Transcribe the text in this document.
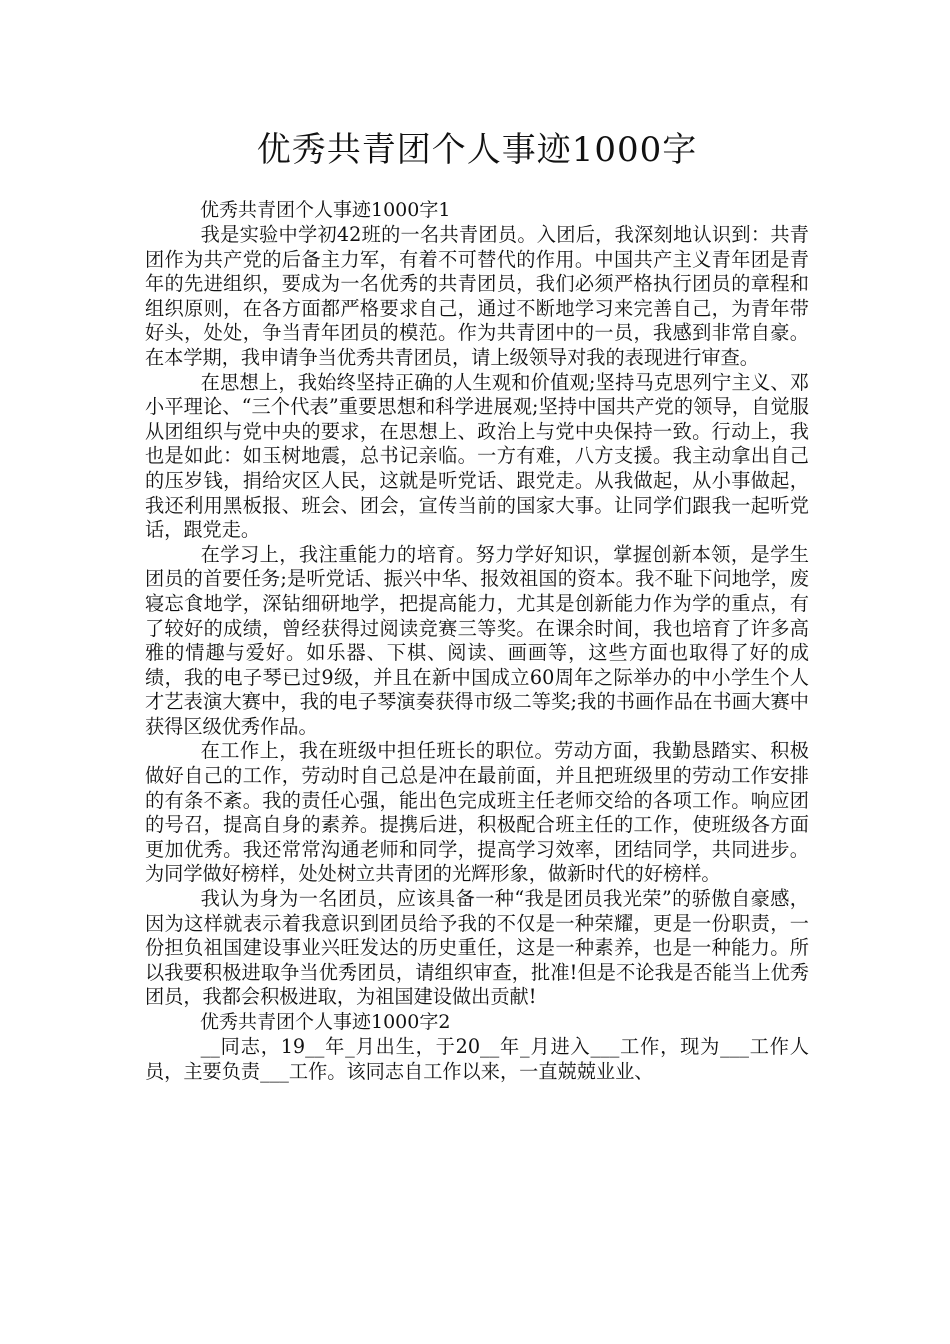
优秀共青团个人事迹1000字

优秀共青团个人事迹1000字1

我是实验中学初42班的一名共青团员。入团后，我深刻地认识到：共青团作为共产党的后备主力军，有着不可替代的作用。中国共产主义青年团是青年的先进组织，要成为一名优秀的共青团员，我们必须严格执行团员的章程和组织原则，在各方面都严格要求自己，通过不断地学习来完善自己，为青年带好头，处处，争当青年团员的模范。作为共青团中的一员，我感到非常自豪。在本学期，我申请争当优秀共青团员，请上级领导对我的表现进行审查。

在思想上，我始终坚持正确的人生观和价值观;坚持马克思列宁主义、邓小平理论、“三个代表”重要思想和科学进展观;坚持中国共产党的领导，自觉服从团组织与党中央的要求，在思想上、政治上与党中央保持一致。行动上，我也是如此：如玉树地震，总书记亲临。一方有难，八方支援。我主动拿出自己的压岁钱，捐给灾区人民，这就是听党话、跟党走。从我做起，从小事做起，我还利用黑板报、班会、团会，宣传当前的国家大事。让同学们跟我一起听党话，跟党走。

在学习上，我注重能力的培育。努力学好知识，掌握创新本领，是学生团员的首要任务;是听党话、振兴中华、报效祖国的资本。我不耻下问地学，废寝忘食地学，深钻细研地学，把提高能力，尤其是创新能力作为学的重点，有了较好的成绩，曾经获得过阅读竞赛三等奖。在课余时间，我也培育了许多高雅的情趣与爱好。如乐器、下棋、阅读、画画等，这些方面也取得了好的成绩，我的电子琴已过9级，并且在新中国成立60周年之际举办的中小学生个人才艺表演大赛中，我的电子琴演奏获得市级二等奖;我的书画作品在书画大赛中获得区级优秀作品。

在工作上，我在班级中担任班长的职位。劳动方面，我勤恳踏实、积极做好自己的工作，劳动时自己总是冲在最前面，并且把班级里的劳动工作安排的有条不紊。我的责任心强，能出色完成班主任老师交给的各项工作。响应团的号召，提高自身的素养。提携后进，积极配合班主任的工作，使班级各方面更加优秀。我还常常沟通老师和同学，提高学习效率，团结同学，共同进步。为同学做好榜样，处处树立共青团的光辉形象，做新时代的好榜样。

我认为身为一名团员，应该具备一种“我是团员我光荣”的骄傲自豪感，因为这样就表示着我意识到团员给予我的不仅是一种荣耀，更是一份职责，一份担负祖国建设事业兴旺发达的历史重任，这是一种素养，也是一种能力。所以我要积极进取争当优秀团员，请组织审查，批准!但是不论我是否能当上优秀团员，我都会积极进取，为祖国建设做出贡献!

优秀共青团个人事迹1000字2

__同志，19__年_月出生，于20__年_月进入___工作，现为___工作人员，主要负责___工作。该同志自工作以来，一直兢兢业业、
